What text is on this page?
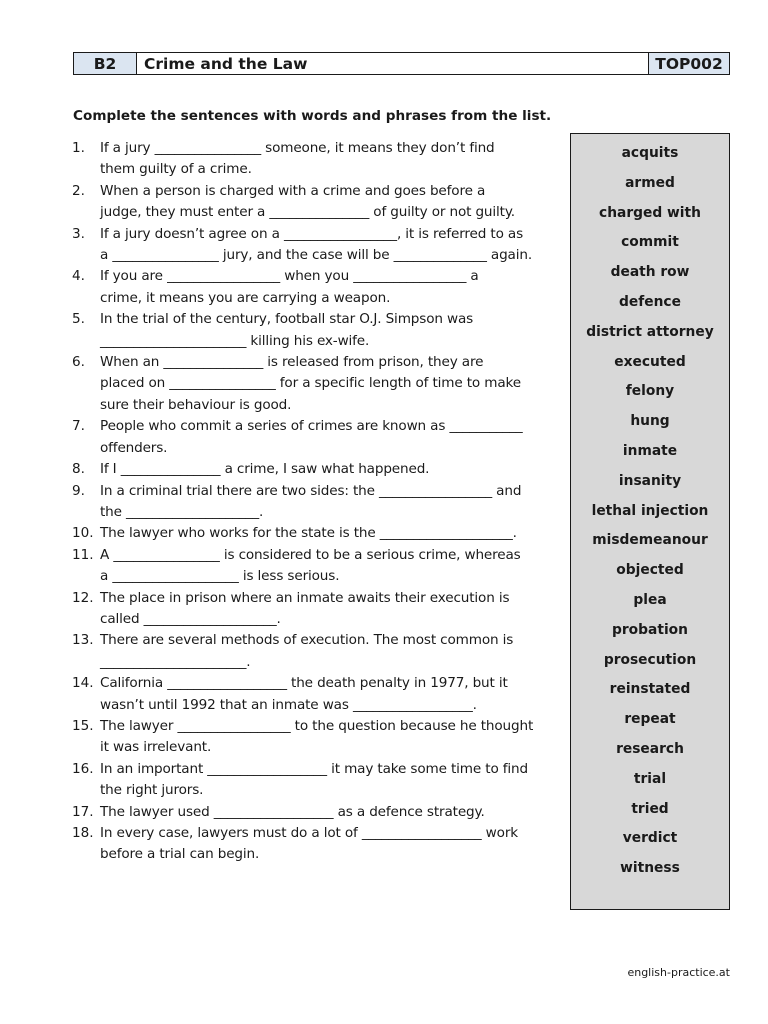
B2	Crime and the Law	TOP002
Complete the sentences with words and phrases from the list.
1.	If a jury ________________ someone, it means they don’t find
them guilty of a crime.
2.	When a person is charged with a crime and goes before a
judge, they must enter a _______________ of guilty or not guilty.
3.	If a jury doesn’t agree on a _________________, it is referred to as
a ________________ jury, and the case will be ______________ again.
4.	If you are _________________ when you _________________ a
crime, it means you are carrying a weapon.
5.	In the trial of the century, football star O.J. Simpson was
______________________ killing his ex-wife.
6.	When an _______________ is released from prison, they are
placed on ________________ for a specific length of time to make
sure their behaviour is good.
7.	People who commit a series of crimes are known as ___________
offenders.
8.	If I _______________ a crime, I saw what happened.
9.	In a criminal trial there are two sides: the _________________ and
the ____________________.
10. The lawyer who works for the state is the ____________________.
11. A ________________ is considered to be a serious crime, whereas
a ___________________ is less serious.
12. The place in prison where an inmate awaits their execution is
called ____________________.
13. There are several methods of execution. The most common is
______________________.
14. California __________________ the death penalty in 1977, but it
wasn’t until 1992 that an inmate was __________________.
15. The lawyer _________________ to the question because he thought
it was irrelevant.
16. In an important __________________ it may take some time to find
the right jurors.
17. The lawyer used __________________ as a defence strategy.
18. In every case, lawyers must do a lot of __________________ work
before a trial can begin.
acquits
armed
charged with
commit
death row
defence
district attorney
executed
felony
hung
inmate
insanity
lethal injection
misdemeanour
objected
plea
probation
prosecution
reinstated
repeat
research
trial
tried
verdict
witness
english-practice.at
